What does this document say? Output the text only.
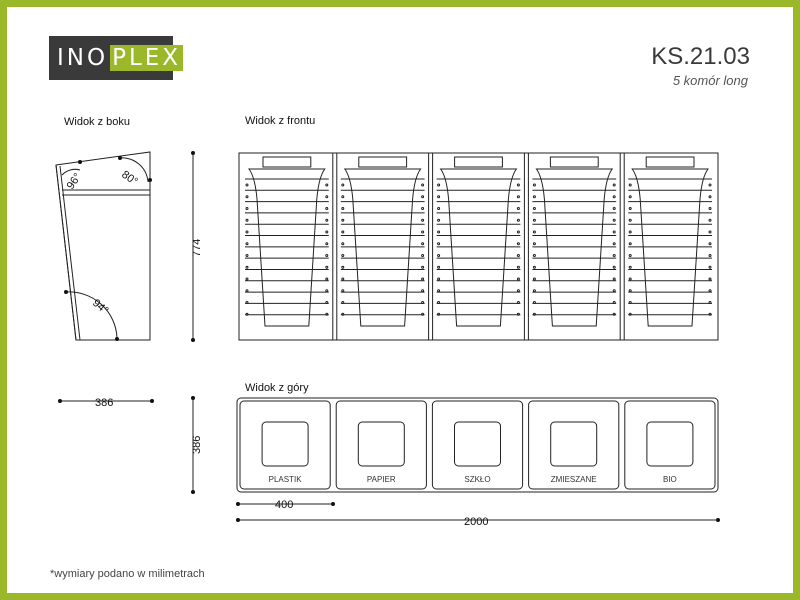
INO PLEX	KS.21.03
5 komór long
Widok z boku	Widok z frontu
Widok z góry
*wymiary podano w milimetrach
PLASTIK	PAPIER	SZKŁO	ZMIESZANE	BIO
96°	80°
94°
774
386
386
400
2000
